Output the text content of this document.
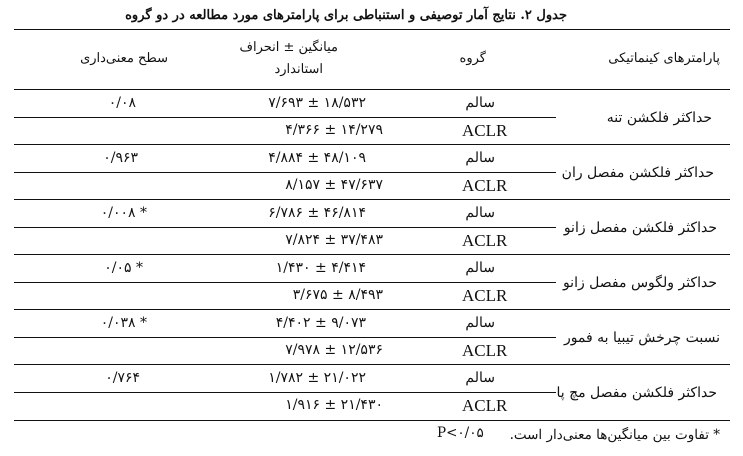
جدول ۲. نتایج آمار توصیفی و استنباطی برای پارامترهای مورد مطالعه در دو گروه
پارامترهای کینماتیکی
گروه
میانگین ± انحراف
استاندارد
سطح معنی‌داری
حداکثر فلکشن تنه
سالم
۱۸/۵۳۲ ± ۷/۶۹۳
۰/۰۸
ACLR
۱۴/۲۷۹ ± ۴/۳۶۶
حداکثر فلکشن مفصل ران
سالم
۴۸/۱۰۹ ± ۴/۸۸۴
۰/۹۶۳
ACLR
۴۷/۶۳۷ ± ۸/۱۵۷
حداکثر فلکشن مفصل زانو
سالم
۴۶/۸۱۴ ± ۶/۷۸۶
* ۰/۰۰۸
ACLR
۳۷/۴۸۳ ± ۷/۸۲۴
حداکثر ولگوس مفصل زانو
سالم
۴/۴۱۴ ± ۱/۴۳۰
* ۰/۰۵
ACLR
۸/۴۹۳ ± ۳/۶۷۵
نسبت چرخش تیبیا به فمور
سالم
۹/۰۷۳ ± ۴/۴۰۲
* ۰/۰۳۸
ACLR
۱۲/۵۳۶ ± ۷/۹۷۸
حداکثر فلکشن مفصل مچ پا
سالم
۲۱/۰۲۲ ± ۱/۷۸۲
۰/۷۶۴
ACLR
۲۱/۴۳۰ ± ۱/۹۱۶
* تفاوت بین میانگین‌ها معنی‌دار است.
P<۰/۰۵
